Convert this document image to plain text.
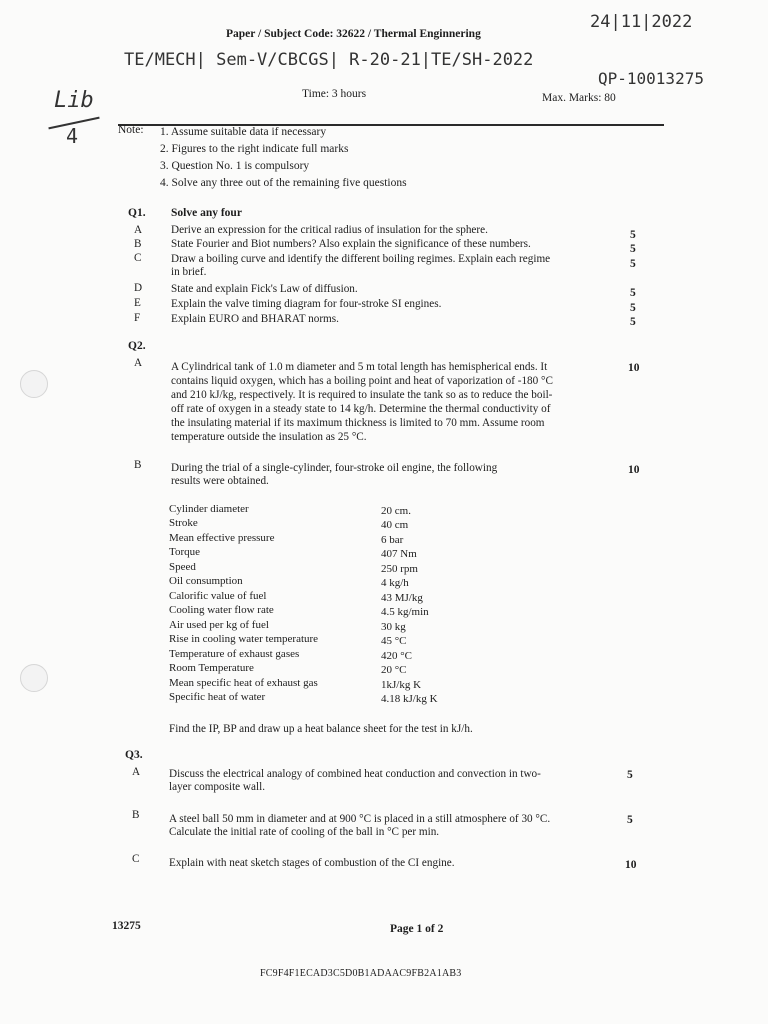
Paper / Subject Code: 32622 / Thermal Enginnering
24|11|2022
TE/MECH| Sem-V/CBCGS| R-20-21|TE/SH-2022
QP-10013275
Lib
4
Time: 3 hours	Max. Marks: 80
Note: 1. Assume suitable data if necessary
2. Figures to the right indicate full marks
3. Question No. 1 is compulsory
4. Solve any three out of the remaining five questions
Q1. Solve any four
A	Derive an expression for the critical radius of insulation for the sphere.	5
B	State Fourier and Biot numbers? Also explain the significance of these numbers.	5
C	Draw a boiling curve and identify the different boiling regimes. Explain each regime
in brief.
5
D	State and explain Fick's Law of diffusion.	5
E	Explain the valve timing diagram for four-stroke SI engines.	5
F	Explain EURO and BHARAT norms.	5
Q2.
A	A Cylindrical tank of 1.0 m diameter and 5 m total length has hemispherical ends. It
contains liquid oxygen, which has a boiling point and heat of vaporization of -180 °C
and 210 kJ/kg, respectively. It is required to insulate the tank so as to reduce the boil-
off rate of oxygen in a steady state to 14 kg/h. Determine the thermal conductivity of
the insulating material if its maximum thickness is limited to 70 mm. Assume room
temperature outside the insulation as 25 °C.
10
B	During the trial of a single-cylinder, four-stroke oil engine, the following
results were obtained.
10
Cylinder diameter	20 cm.
Stroke	40 cm
Mean effective pressure	6 bar
Torque	407 Nm
Speed	250 rpm
Oil consumption	4 kg/h
Calorific value of fuel	43 MJ/kg
Cooling water flow rate	4.5 kg/min
Air used per kg of fuel	30 kg
Rise in cooling water temperature	45 °C
Temperature of exhaust gases	420 °C
Room Temperature	20 °C
Mean specific heat of exhaust gas	1kJ/kg K
Specific heat of water	4.18 kJ/kg K
Find the IP, BP and draw up a heat balance sheet for the test in kJ/h.
Q3.
A	Discuss the electrical analogy of combined heat conduction and convection in two-
layer composite wall.
5
B	A steel ball 50 mm in diameter and at 900 °C is placed in a still atmosphere of 30 °C.
Calculate the initial rate of cooling of the ball in °C per min.
5
C	Explain with neat sketch stages of combustion of the CI engine.	10
13275	Page 1 of 2
FC9F4F1ECAD3C5D0B1ADAAC9FB2A1AB3
